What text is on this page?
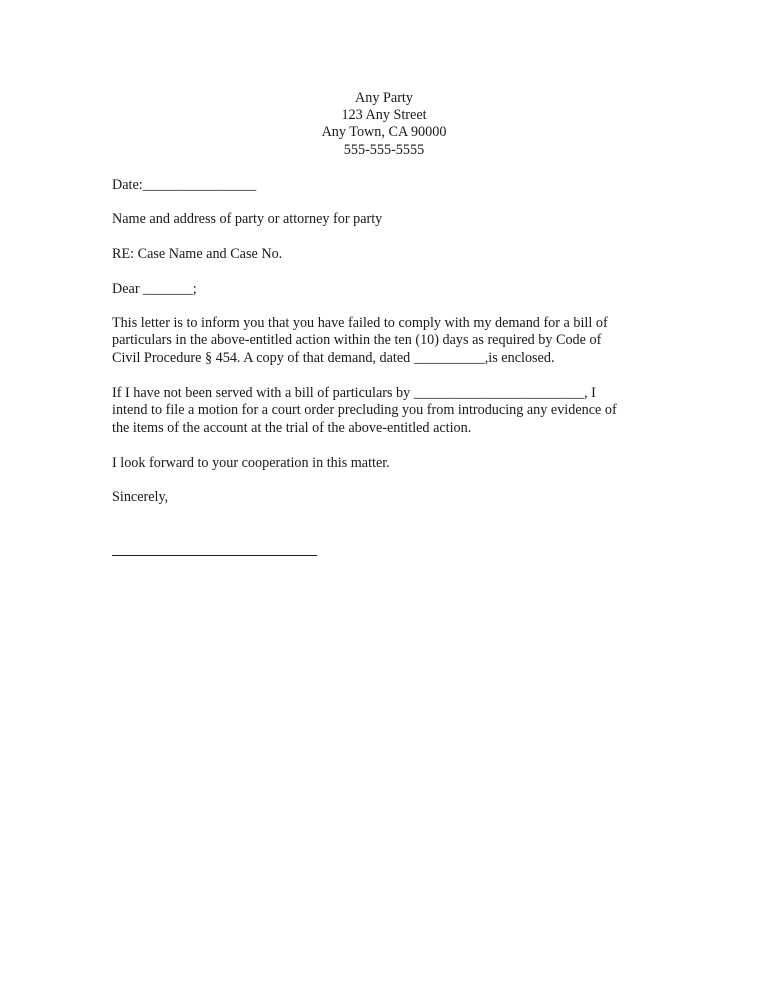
Any Party
123 Any Street
Any Town, CA 90000
555-555-5555
Date:________________
Name and address of party or attorney for party
RE: Case Name and Case No.
Dear _______;
This letter is to inform you that you have failed to comply with my demand for a bill of
particulars in the above-entitled action within the ten (10) days as required by Code of
Civil Procedure § 454. A copy of that demand, dated __________,is enclosed.
If I have not been served with a bill of particulars by ________________________, I
intend to file a motion for a court order precluding you from introducing any evidence of
the items of the account at the trial of the above-entitled action.
I look forward to your cooperation in this matter.
Sincerely,
